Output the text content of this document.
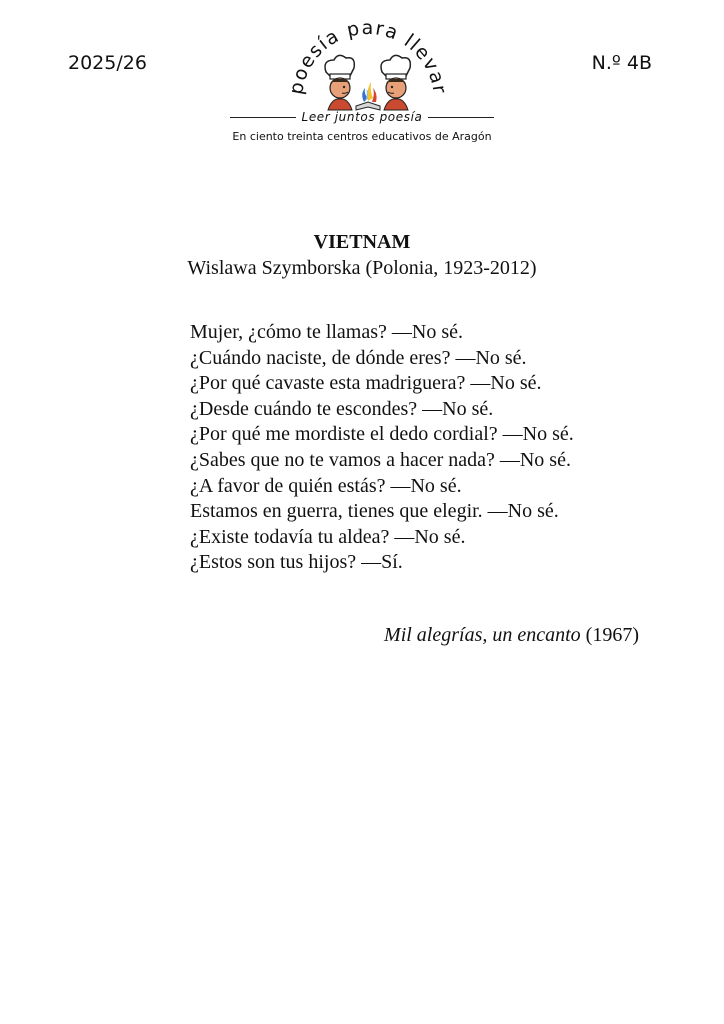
2025/26	N.º 4B
poesía para llevar
Leer juntos poesía
En ciento treinta centros educativos de Aragón
VIETNAM
Wislawa Szymborska (Polonia, 1923-2012)
Mujer, ¿cómo te llamas? —No sé.
¿Cuándo naciste, de dónde eres? —No sé.
¿Por qué cavaste esta madriguera? —No sé.
¿Desde cuándo te escondes? —No sé.
¿Por qué me mordiste el dedo cordial? —No sé.
¿Sabes que no te vamos a hacer nada? —No sé.
¿A favor de quién estás? —No sé.
Estamos en guerra, tienes que elegir. —No sé.
¿Existe todavía tu aldea? —No sé.
¿Estos son tus hijos? —Sí.
Mil alegrías, un encanto (1967)
